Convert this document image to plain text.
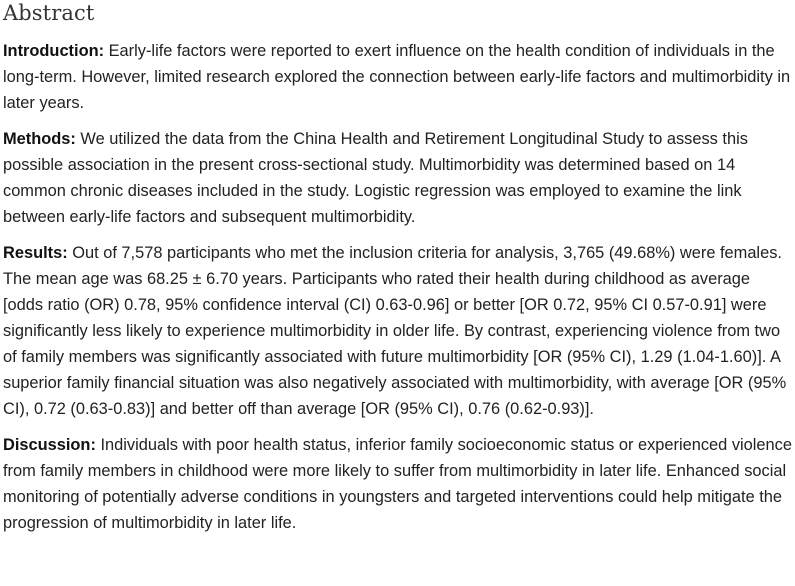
Abstract

Introduction: Early-life factors were reported to exert influence on the health condition of individuals in the long-term. However, limited research explored the connection between early-life factors and multimorbidity in later years.

Methods: We utilized the data from the China Health and Retirement Longitudinal Study to assess this possible association in the present cross-sectional study. Multimorbidity was determined based on 14 common chronic diseases included in the study. Logistic regression was employed to examine the link between early-life factors and subsequent multimorbidity.

Results: Out of 7,578 participants who met the inclusion criteria for analysis, 3,765 (49.68%) were females. The mean age was 68.25 ± 6.70 years. Participants who rated their health during childhood as average [odds ratio (OR) 0.78, 95% confidence interval (CI) 0.63-0.96] or better [OR 0.72, 95% CI 0.57-0.91] were significantly less likely to experience multimorbidity in older life. By contrast, experiencing violence from two of family members was significantly associated with future multimorbidity [OR (95% CI), 1.29 (1.04-1.60)]. A superior family financial situation was also negatively associated with multimorbidity, with average [OR (95% CI), 0.72 (0.63-0.83)] and better off than average [OR (95% CI), 0.76 (0.62-0.93)].

Discussion: Individuals with poor health status, inferior family socioeconomic status or experienced violence from family members in childhood were more likely to suffer from multimorbidity in later life. Enhanced social monitoring of potentially adverse conditions in youngsters and targeted interventions could help mitigate the progression of multimorbidity in later life.
